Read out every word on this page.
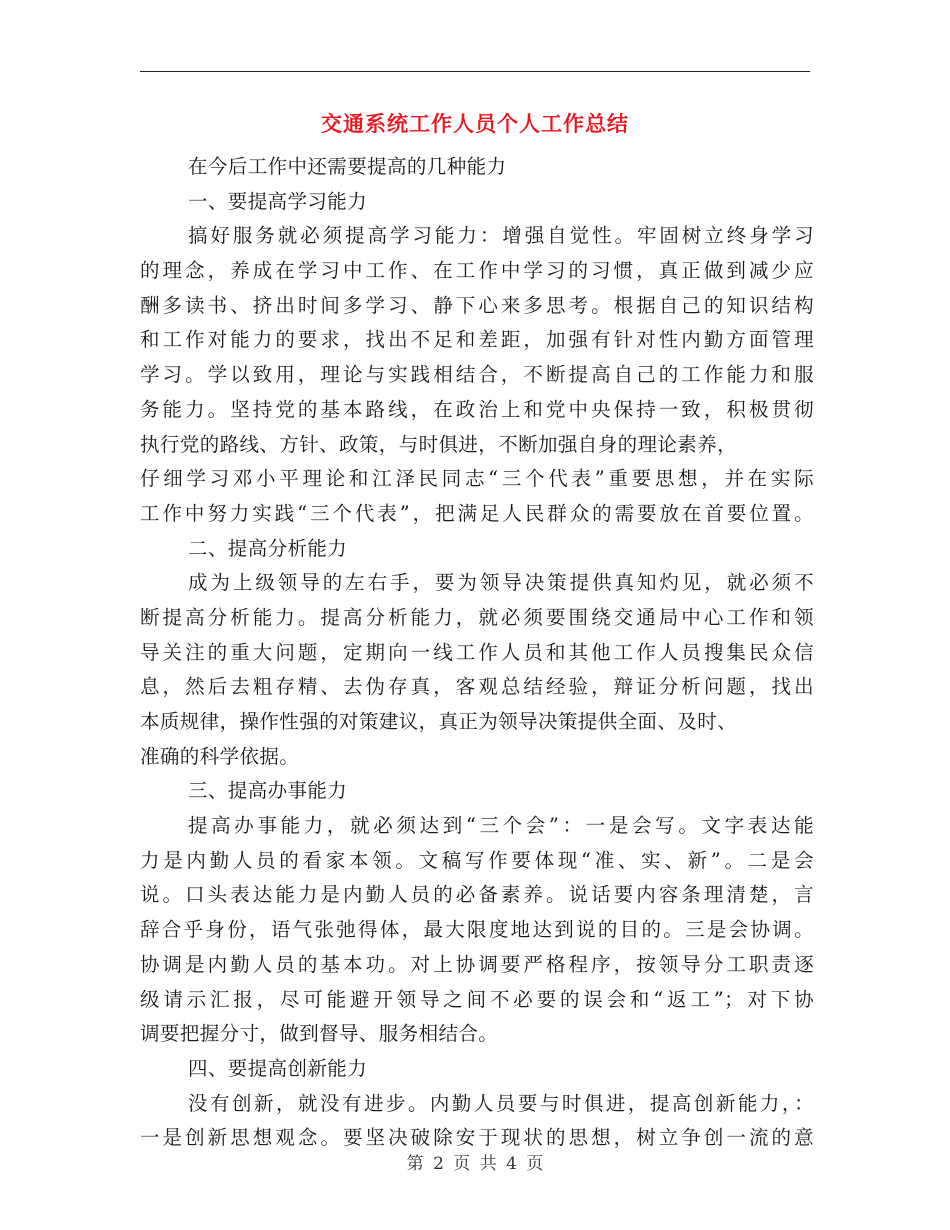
交通系统工作人员个人工作总结
在今后工作中还需要提高的几种能力
一、要提高学习能力
搞好服务就必须提高学习能力：增强自觉性。牢固树立终身学习
的理念，养成在学习中工作、在工作中学习的习惯，真正做到减少应
酬多读书、挤出时间多学习、静下心来多思考。根据自己的知识结构
和工作对能力的要求，找出不足和差距，加强有针对性内勤方面管理
学习。学以致用，理论与实践相结合，不断提高自己的工作能力和服
务能力。坚持党的基本路线，在政治上和党中央保持一致，积极贯彻
执行党的路线、方针、政策，与时俱进，不断加强自身的理论素养，
仔细学习邓小平理论和江泽民同志“三个代表”重要思想，并在实际
工作中努力实践“三个代表”，把满足人民群众的需要放在首要位置。
二、提高分析能力
成为上级领导的左右手，要为领导决策提供真知灼见，就必须不
断提高分析能力。提高分析能力，就必须要围绕交通局中心工作和领
导关注的重大问题，定期向一线工作人员和其他工作人员搜集民众信
息，然后去粗存精、去伪存真，客观总结经验，辩证分析问题，找出
本质规律，操作性强的对策建议，真正为领导决策提供全面、及时、
准确的科学依据。
三、提高办事能力
提高办事能力，就必须达到“三个会”：一是会写。文字表达能
力是内勤人员的看家本领。文稿写作要体现“准、实、新”。二是会
说。口头表达能力是内勤人员的必备素养。说话要内容条理清楚，言
辞合乎身份，语气张弛得体，最大限度地达到说的目的。三是会协调。
协调是内勤人员的基本功。对上协调要严格程序，按领导分工职责逐
级请示汇报，尽可能避开领导之间不必要的误会和“返工”；对下协
调要把握分寸，做到督导、服务相结合。
四、要提高创新能力
没有创新，就没有进步。内勤人员要与时俱进，提高创新能力，：
一是创新思想观念。要坚决破除安于现状的思想，树立争创一流的意
第 2 页 共 4 页
